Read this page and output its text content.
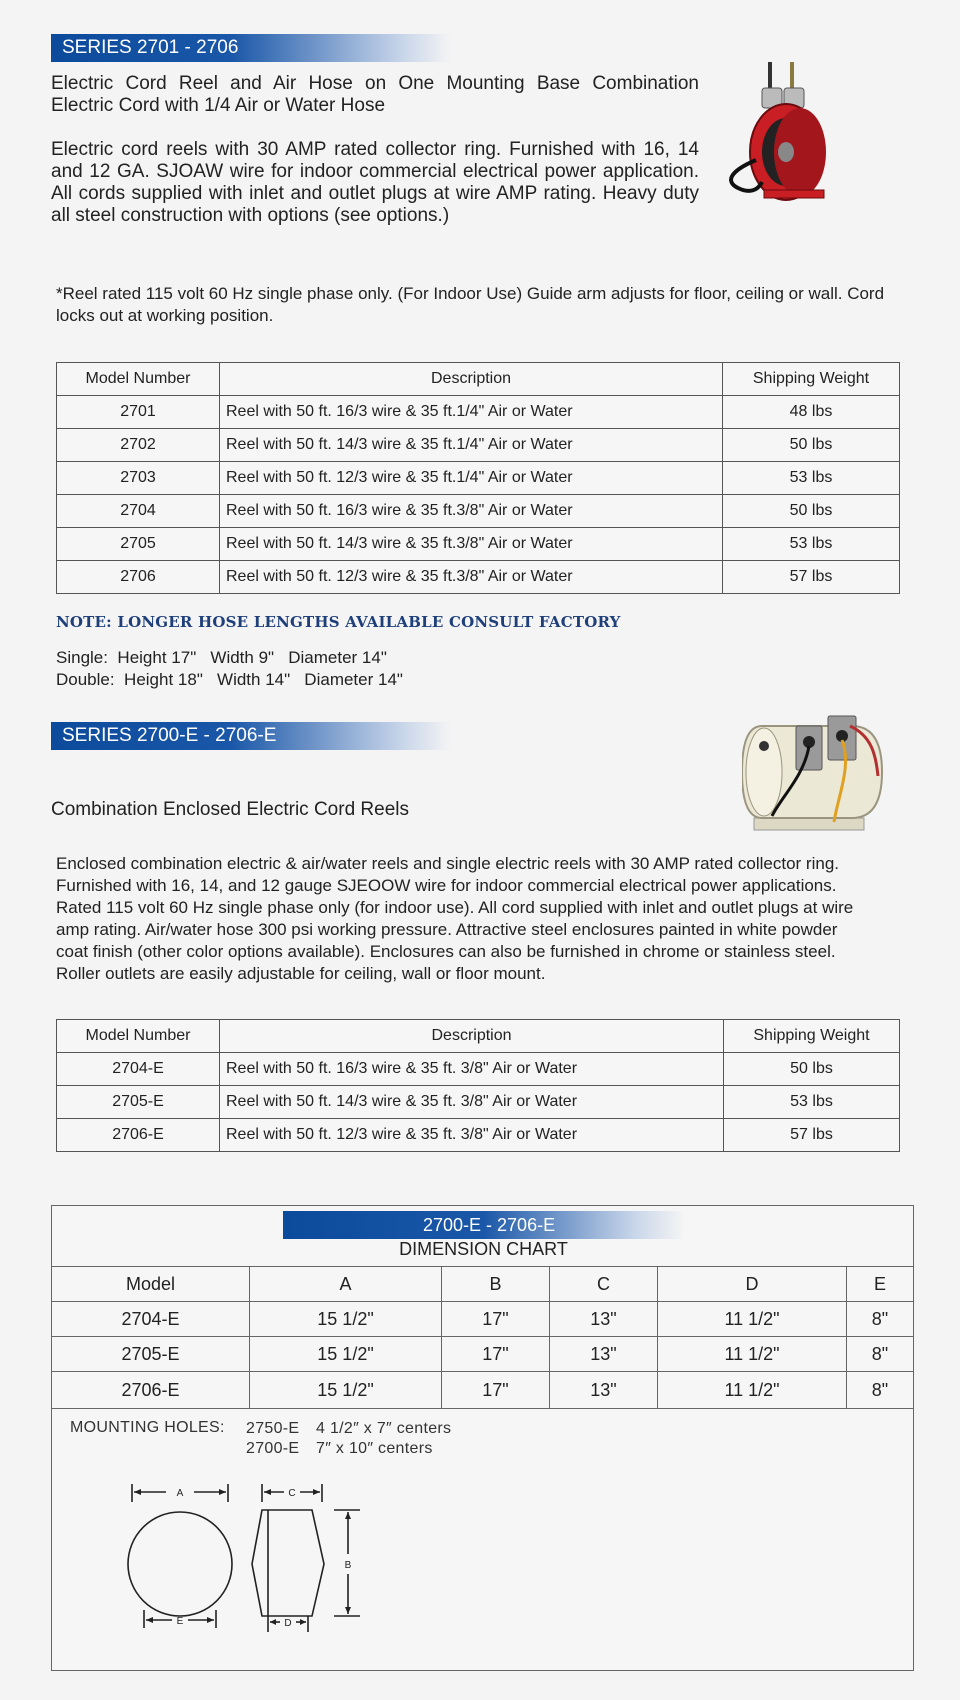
SERIES 2701 - 2706
Electric Cord Reel and Air Hose on One Mounting Base Combination
Electric Cord with 1/4 Air or Water Hose
Electric cord reels with 30 AMP rated collector ring. Furnished with 16, 14 and 12 GA. SJOAW wire for indoor commercial electrical power application. All cords supplied with inlet and outlet plugs at wire AMP rating. Heavy duty all steel construction with options (see options.)
*Reel rated 115 volt 60 Hz single phase only. (For Indoor Use) Guide arm adjusts for floor, ceiling or wall. Cord locks out at working position.
Model Number	Description	Shipping Weight
2701	Reel with 50 ft. 16/3 wire & 35 ft.1/4" Air or Water	48 lbs
2702	Reel with 50 ft. 14/3 wire & 35 ft.1/4" Air or Water	50 lbs
2703	Reel with 50 ft. 12/3 wire & 35 ft.1/4" Air or Water	53 lbs
2704	Reel with 50 ft. 16/3 wire & 35 ft.3/8" Air or Water	50 lbs
2705	Reel with 50 ft. 14/3 wire & 35 ft.3/8" Air or Water	53 lbs
2706	Reel with 50 ft. 12/3 wire & 35 ft.3/8" Air or Water	57 lbs
NOTE: LONGER HOSE LENGTHS AVAILABLE CONSULT FACTORY
Single:  Height 17"   Width 9"   Diameter 14"
Double:  Height 18"   Width 14"   Diameter 14"
SERIES 2700-E - 2706-E
Combination Enclosed Electric Cord Reels
Enclosed combination electric & air/water reels and single electric reels with 30 AMP rated collector ring.
Furnished with 16, 14, and 12 gauge SJEOOW wire for indoor commercial electrical power applications.
Rated 115 volt 60 Hz single phase only (for indoor use). All cord supplied with inlet and outlet plugs at wire
amp rating. Air/water hose 300 psi working pressure. Attractive steel enclosures painted in white powder
coat finish (other color options available). Enclosures can also be furnished in chrome or stainless steel.
Roller outlets are easily adjustable for ceiling, wall or floor mount.
Model Number	Description	Shipping Weight
2704-E	Reel with 50 ft. 16/3 wire & 35 ft. 3/8" Air or Water	50 lbs
2705-E	Reel with 50 ft. 14/3 wire & 35 ft. 3/8" Air or Water	53 lbs
2706-E	Reel with 50 ft. 12/3 wire & 35 ft. 3/8" Air or Water	57 lbs
2700-E - 2706-E
DIMENSION CHART
Model	A	B	C	D	E
2704-E	15 1/2"	17"	13"	11 1/2"	8"
2705-E	15 1/2"	17"	13"	11 1/2"	8"
2706-E	15 1/2"	17"	13"	11 1/2"	8"
MOUNTING HOLES: 2750-E 4 1/2″ x 7″ centers
2700-E 7″ x 10″ centers
A
E
C
D
B
